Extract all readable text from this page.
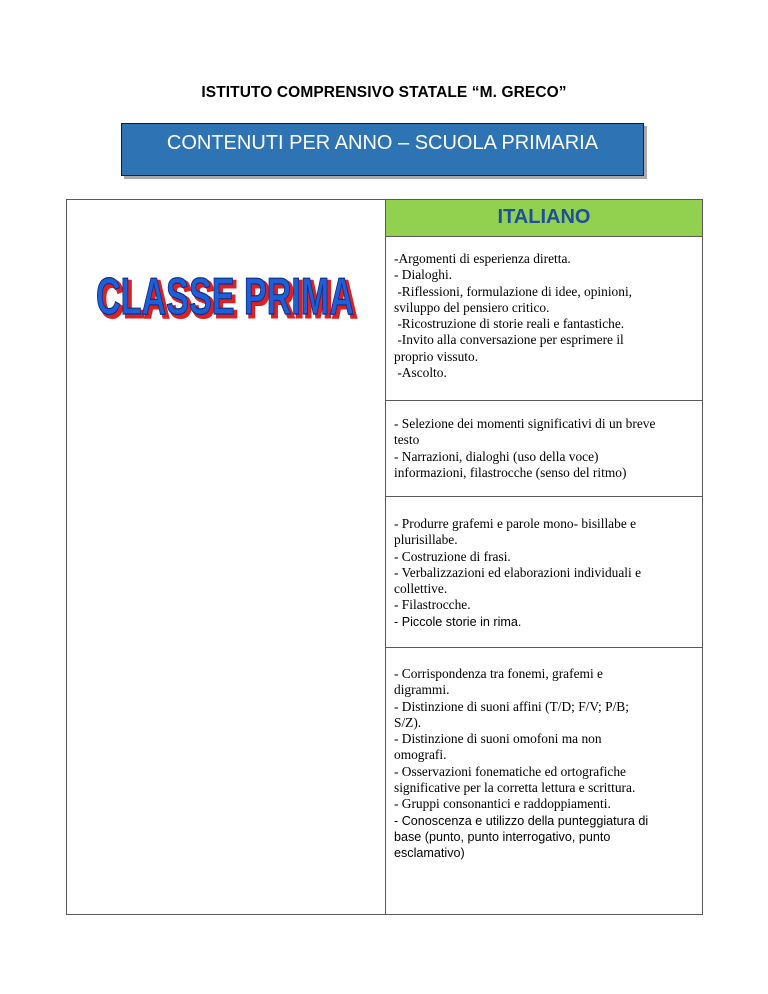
ISTITUTO COMPRENSIVO STATALE “M. GRECO”
CONTENUTI PER ANNO – SCUOLA PRIMARIA
CLASSE PRIMA
CLASSE PRIMA
ITALIANO
-Argomenti di esperienza diretta.
- Dialoghi.
-Riflessioni, formulazione di idee, opinioni,
sviluppo del pensiero critico.
-Ricostruzione di storie reali e fantastiche.
-Invito alla conversazione per esprimere il
proprio vissuto.
-Ascolto.
- Selezione dei momenti significativi di un breve
testo
- Narrazioni, dialoghi (uso della voce)
informazioni, filastrocche (senso del ritmo)
- Produrre grafemi e parole mono- bisillabe e
plurisillabe.
- Costruzione di frasi.
- Verbalizzazioni ed elaborazioni individuali e
collettive.
- Filastrocche.
- Piccole storie in rima.
- Corrispondenza tra fonemi, grafemi e
digrammi.
- Distinzione di suoni affini (T/D; F/V; P/B;
S/Z).
- Distinzione di suoni omofoni ma non
omografi.
- Osservazioni fonematiche ed ortografiche
significative per la corretta lettura e scrittura.
- Gruppi consonantici e raddoppiamenti.
- Conoscenza e utilizzo della punteggiatura di
base (punto, punto interrogativo, punto
esclamativo)
